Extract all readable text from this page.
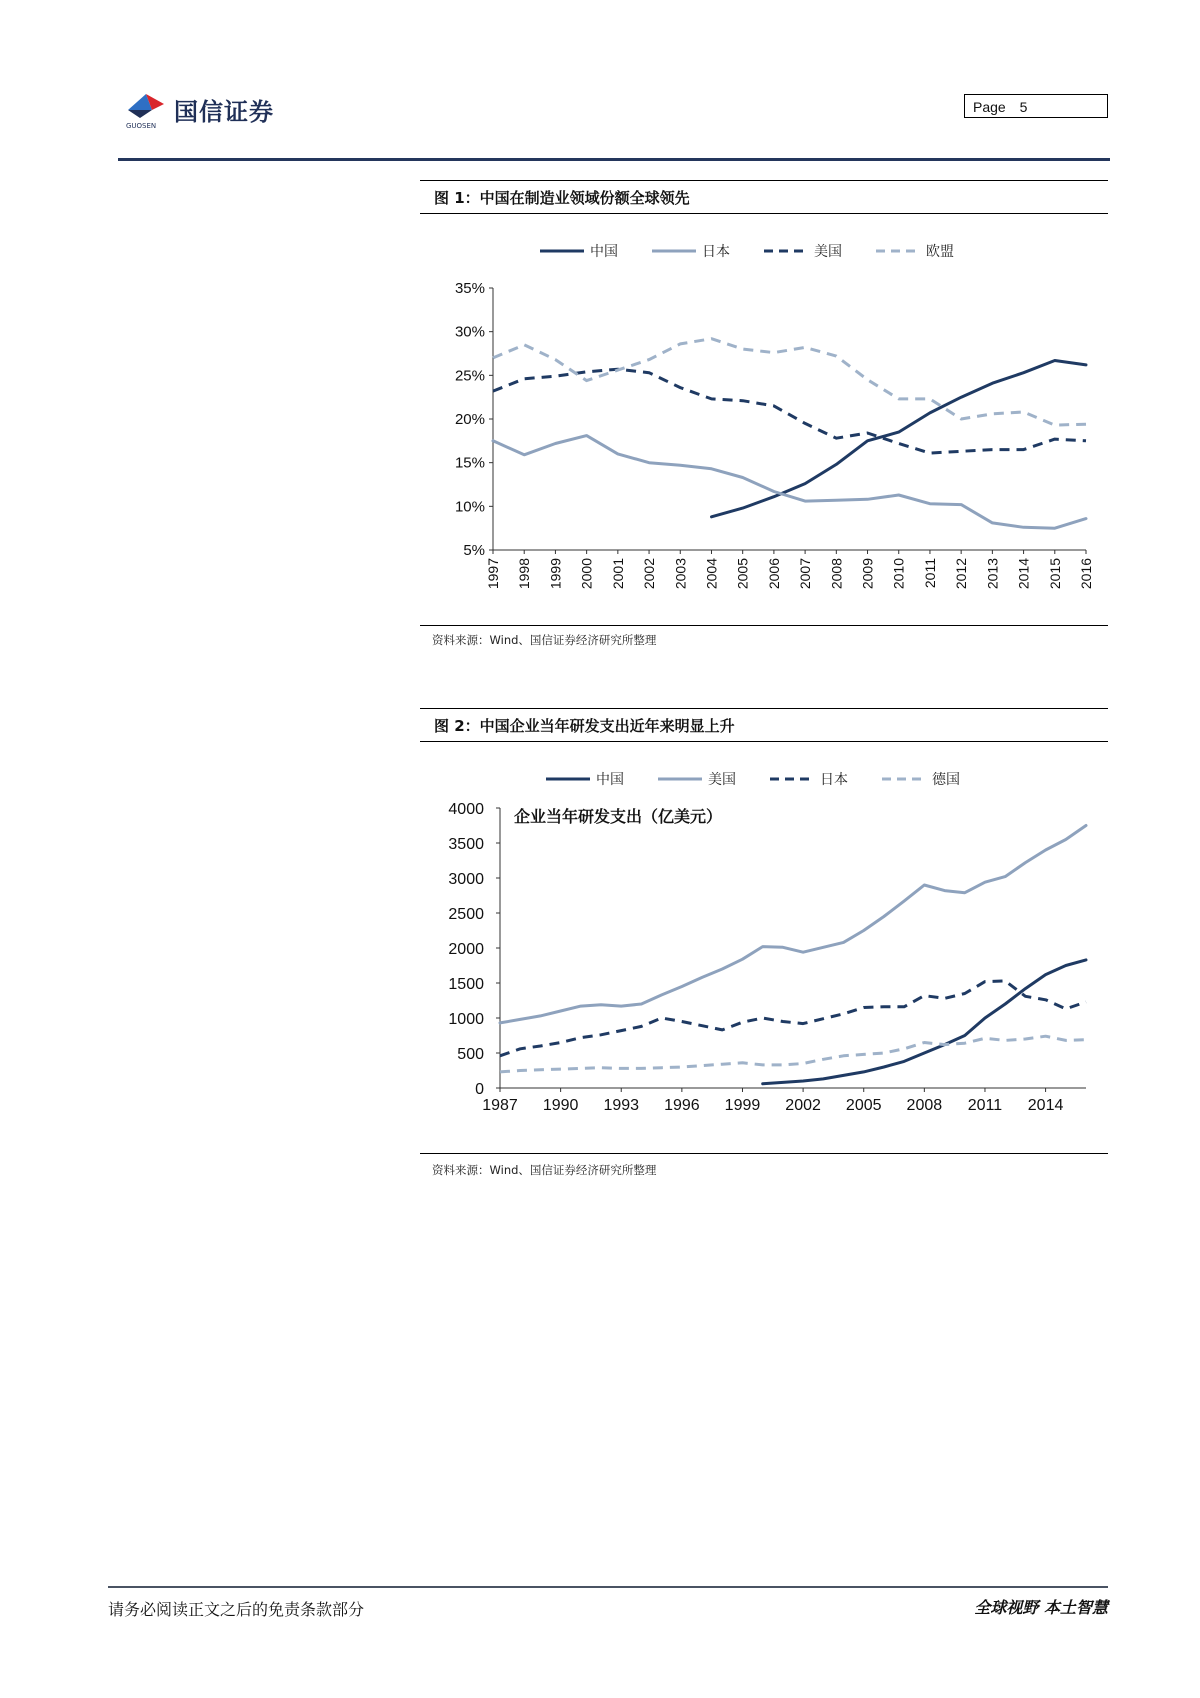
国信证券
GUOSEN
Page 5
图 1：中国在制造业领域份额全球领先
中国	日本	美国	欧盟
5%
10%
15%
20%
25%
30%
35%
1997 1998 1999 2000 2001 2002 2003 2004 2005 2006 2007 2008 2009 2010 2011 2012 2013 2014 2015 2016
资料来源：Wind、国信证券经济研究所整理
图 2：中国企业当年研发支出近年来明显上升
中国	美国	日本	德国
0
500
1000
1500
2000
2500
3000
3500
4000
1987 1990 1993 1996 1999 2002 2005 2008 2011 2014
企业当年研发支出（亿美元）
资料来源：Wind、国信证券经济研究所整理
请务必阅读正文之后的免责条款部分	全球视野 本土智慧
